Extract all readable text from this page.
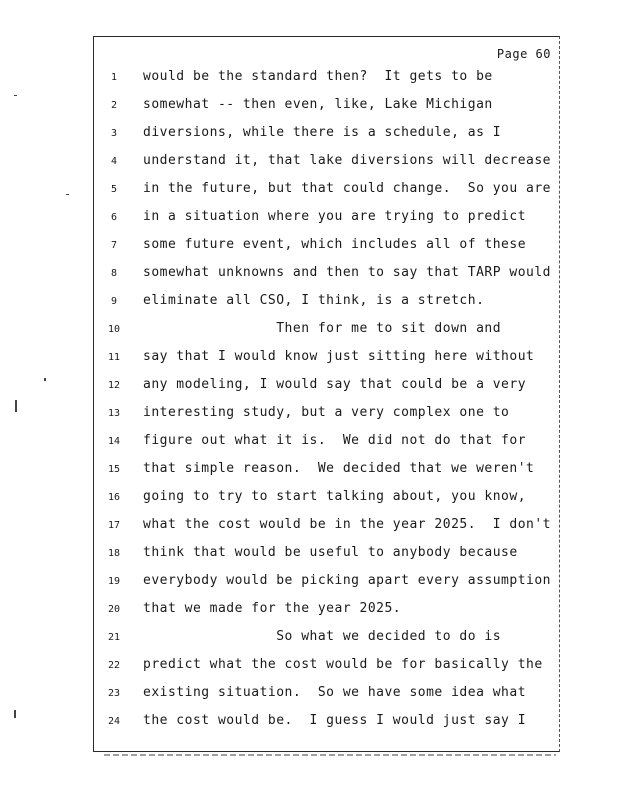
Page 60
1	would be the standard then?  It gets to be
2	somewhat -- then even, like, Lake Michigan
3	diversions, while there is a schedule, as I
4	understand it, that lake diversions will decrease
5	in the future, but that could change.  So you are
6	in a situation where you are trying to predict
7	some future event, which includes all of these
8	somewhat unknowns and then to say that TARP would
9	eliminate all CSO, I think, is a stretch.
10	Then for me to sit down and
11	say that I would know just sitting here without
12	any modeling, I would say that could be a very
13	interesting study, but a very complex one to
14	figure out what it is.  We did not do that for
15	that simple reason.  We decided that we weren't
16	going to try to start talking about, you know,
17	what the cost would be in the year 2025.  I don't
18	think that would be useful to anybody because
19	everybody would be picking apart every assumption
20	that we made for the year 2025.
21	So what we decided to do is
22	predict what the cost would be for basically the
23	existing situation.  So we have some idea what
24	the cost would be.  I guess I would just say I
